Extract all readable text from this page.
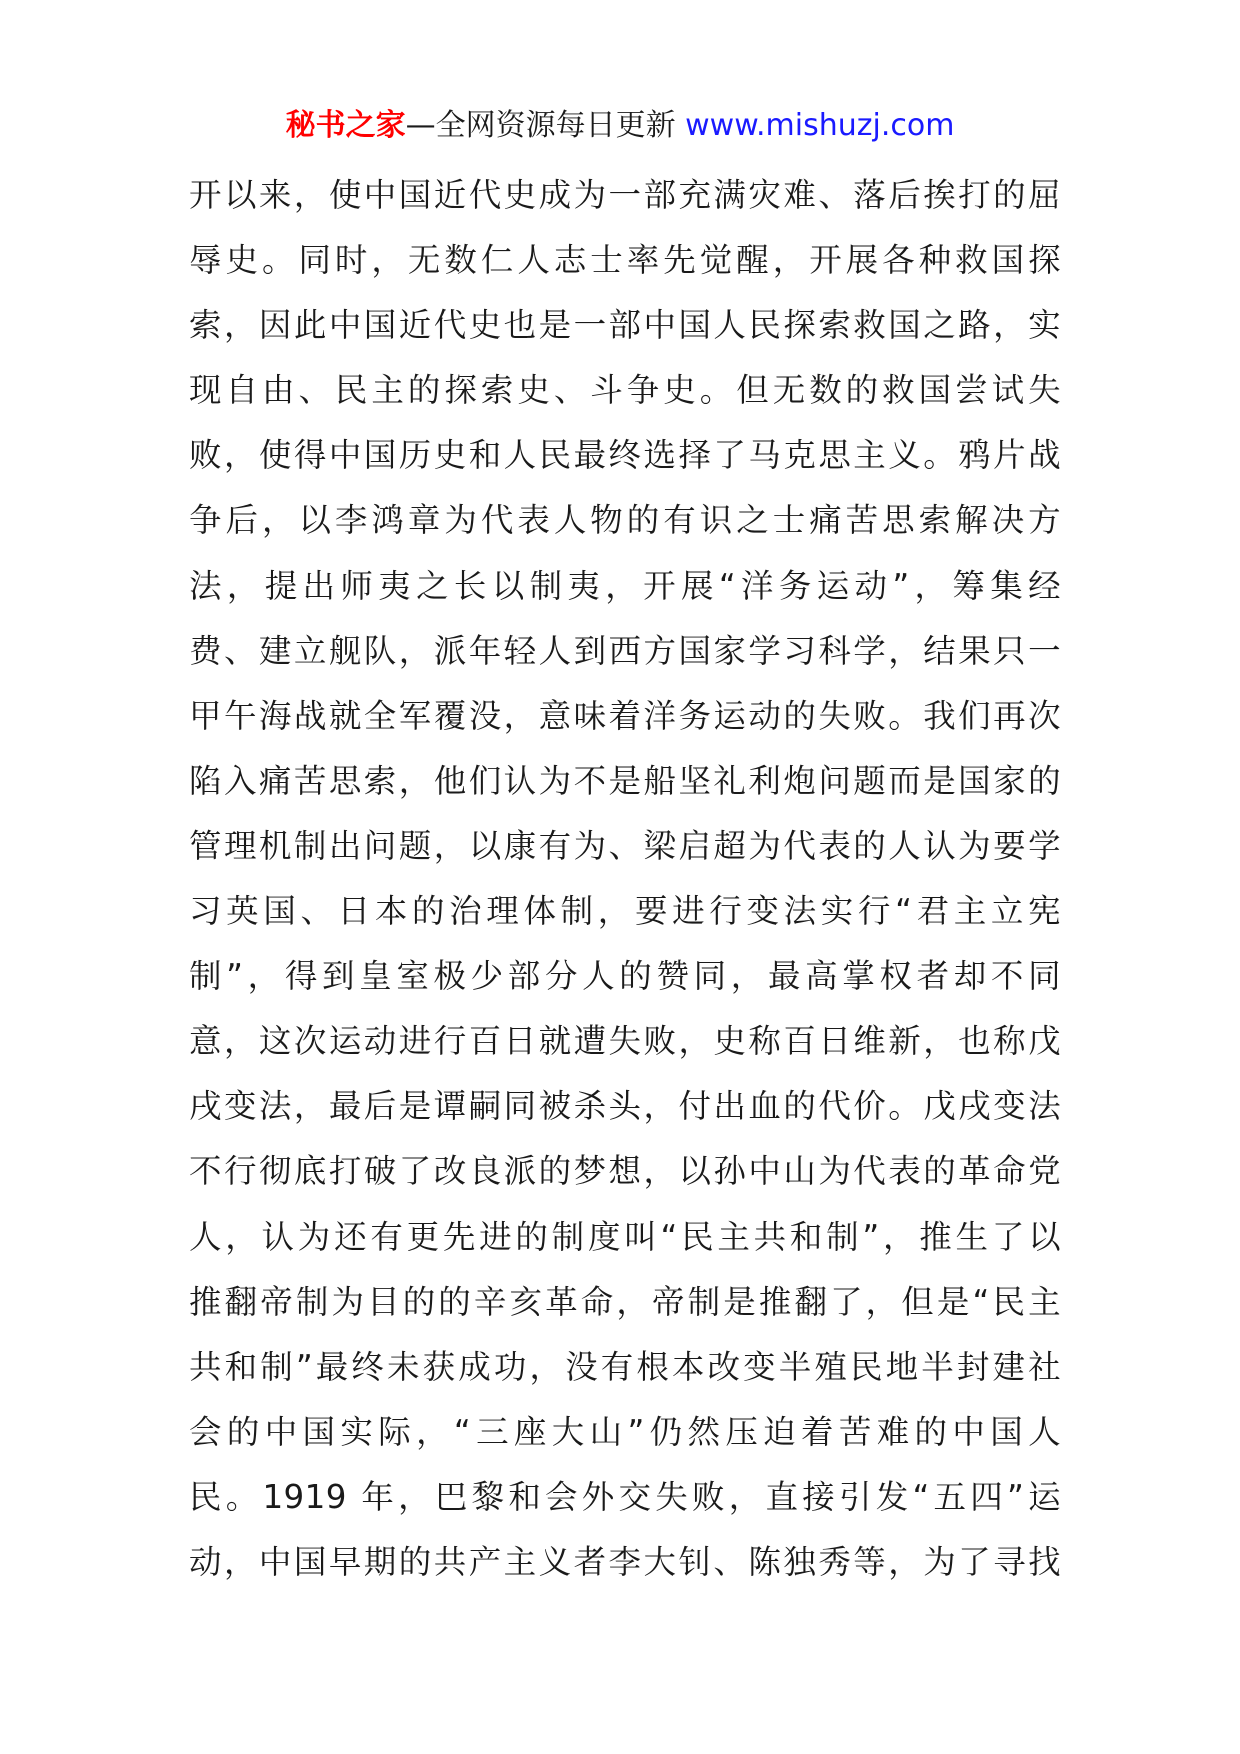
秘书之家—全网资源每日更新 www.mishuzj.com
开以来，使中国近代史成为一部充满灾难、落后挨打的屈
辱史。同时，无数仁人志士率先觉醒，开展各种救国探
索，因此中国近代史也是一部中国人民探索救国之路，实
现自由、民主的探索史、斗争史。但无数的救国尝试失
败，使得中国历史和人民最终选择了马克思主义。鸦片战
争后，以李鸿章为代表人物的有识之士痛苦思索解决方
法，提出师夷之长以制夷，开展“洋务运动”，筹集经
费、建立舰队，派年轻人到西方国家学习科学，结果只一
甲午海战就全军覆没，意味着洋务运动的失败。我们再次
陷入痛苦思索，他们认为不是船坚礼利炮问题而是国家的
管理机制出问题，以康有为、梁启超为代表的人认为要学
习英国、日本的治理体制，要进行变法实行“君主立宪
制”，得到皇室极少部分人的赞同，最高掌权者却不同
意，这次运动进行百日就遭失败，史称百日维新，也称戊
戌变法，最后是谭嗣同被杀头，付出血的代价。戊戌变法
不行彻底打破了改良派的梦想，以孙中山为代表的革命党
人，认为还有更先进的制度叫“民主共和制”，推生了以
推翻帝制为目的的辛亥革命，帝制是推翻了，但是“民主
共和制”最终未获成功，没有根本改变半殖民地半封建社
会的中国实际，“三座大山”仍然压迫着苦难的中国人
民。1919 年，巴黎和会外交失败，直接引发“五四”运
动，中国早期的共产主义者李大钊、陈独秀等，为了寻找
